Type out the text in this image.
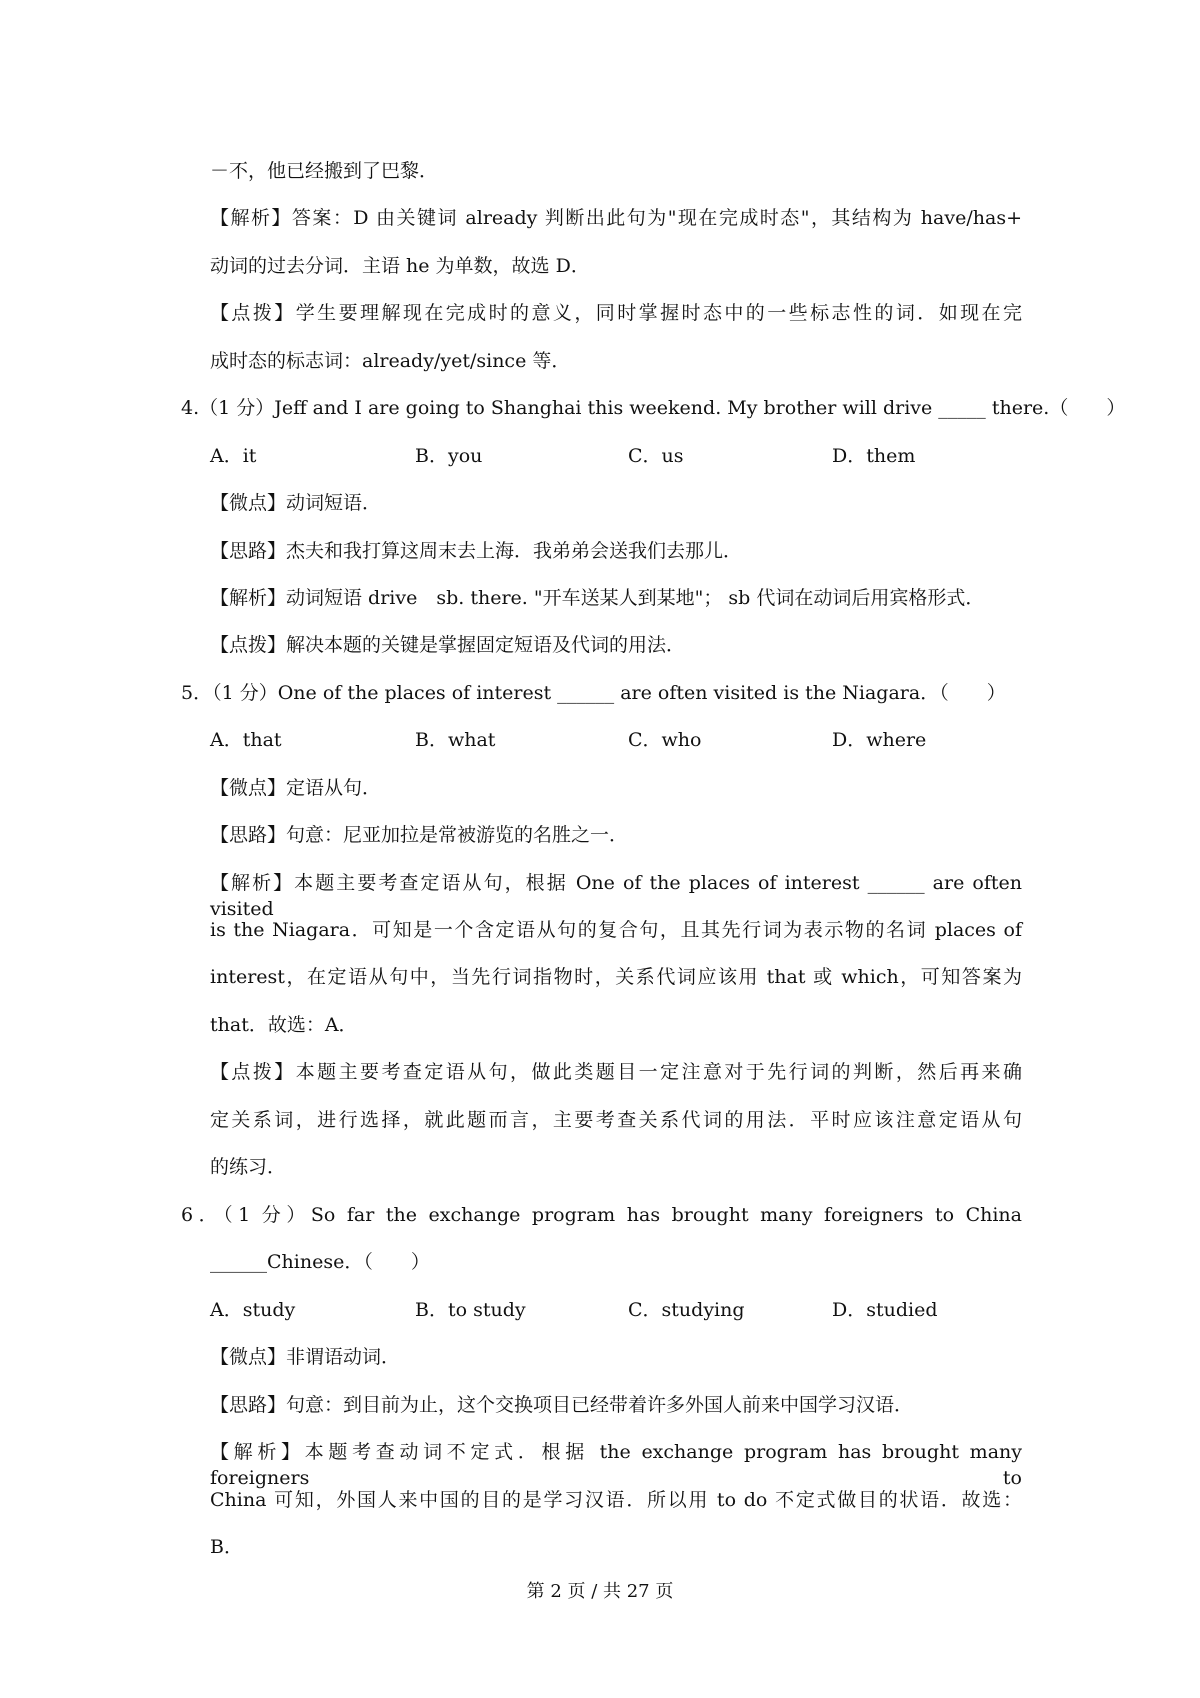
－不，他已经搬到了巴黎．
【解析】答案：D 由关键词 already 判断出此句为"现在完成时态"，其结构为 have/has+
动词的过去分词．主语 he 为单数，故选 D．
【点拨】学生要理解现在完成时的意义，同时掌握时态中的一些标志性的词．如现在完
成时态的标志词：already/yet/since 等．
4.（1 分）Jeff and I are going to Shanghai this weekend. My brother will drive _____ there.（　　）
A．it	B．you	C．us	D．them
【微点】动词短语．
【思路】杰夫和我打算这周末去上海．我弟弟会送我们去那儿．
【解析】动词短语 drive　sb. there. "开车送某人到某地"； sb 代词在动词后用宾格形式．
【点拨】解决本题的关键是掌握固定短语及代词的用法．
5．（1 分）One of the places of interest ______ are often visited is the Niagara．（　　）
A．that	B．what	C．who	D．where
【微点】定语从句．
【思路】句意：尼亚加拉是常被游览的名胜之一．
【解析】本题主要考查定语从句，根据 One of the places of interest ______ are often visited
is the Niagara．可知是一个含定语从句的复合句，且其先行词为表示物的名词 places of
interest，在定语从句中，当先行词指物时，关系代词应该用 that 或 which，可知答案为
that．故选：A．
【点拨】本题主要考查定语从句，做此类题目一定注意对于先行词的判断，然后再来确
定关系词，进行选择，就此题而言，主要考查关系代词的用法．平时应该注意定语从句
的练习．
6．（1 分）So far the exchange program has brought many foreigners to China
______Chinese．（　　）
A．study	B．to study	C．studying	D．studied
【微点】非谓语动词．
【思路】句意：到目前为止，这个交换项目已经带着许多外国人前来中国学习汉语．
【解析】本题考查动词不定式．根据 the exchange program has brought many foreigners to
China 可知，外国人来中国的目的是学习汉语．所以用 to do 不定式做目的状语．故选：
B．
第 2 页 / 共 27 页
